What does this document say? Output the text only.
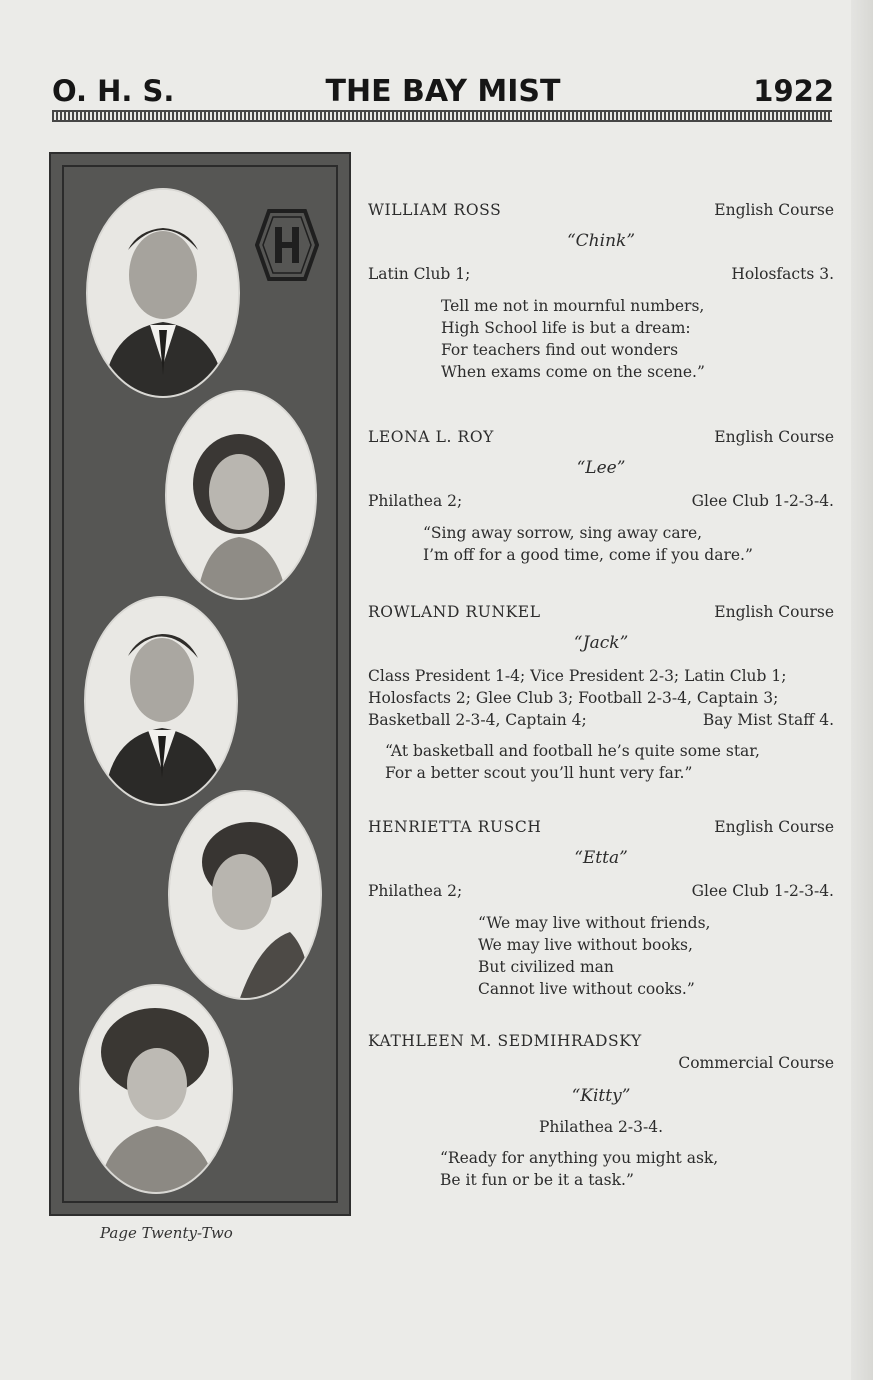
O. H. S.	THE BAY MIST	1922
Page Twenty-Two
WILLIAM ROSS	English Course
“Chink”
Latin Club 1;	Holosfacts 3.
Tell me not in mournful numbers,
High School life is but a dream:
For teachers find out wonders
When exams come on the scene.”
LEONA L. ROY	English Course
“Lee”
Philathea 2;	Glee Club 1-2-3-4.
“Sing away sorrow, sing away care,
I’m off for a good time, come if you dare.”
ROWLAND RUNKEL	English Course
“Jack”
Class President 1-4; Vice President 2-3; Latin Club 1;
Holosfacts 2; Glee Club 3; Football 2-3-4, Captain 3;
Basketball 2-3-4, Captain 4;	Bay Mist Staff 4.
“At basketball and football he’s quite some star,
For a better scout you’ll hunt very far.”
HENRIETTA RUSCH	English Course
“Etta”
Philathea 2;	Glee Club 1-2-3-4.
“We may live without friends,
We may live without books,
But civilized man
Cannot live without cooks.”
KATHLEEN M. SEDMIHRADSKY
Commercial Course
“Kitty”
Philathea 2-3-4.
“Ready for anything you might ask,
Be it fun or be it a task.”
